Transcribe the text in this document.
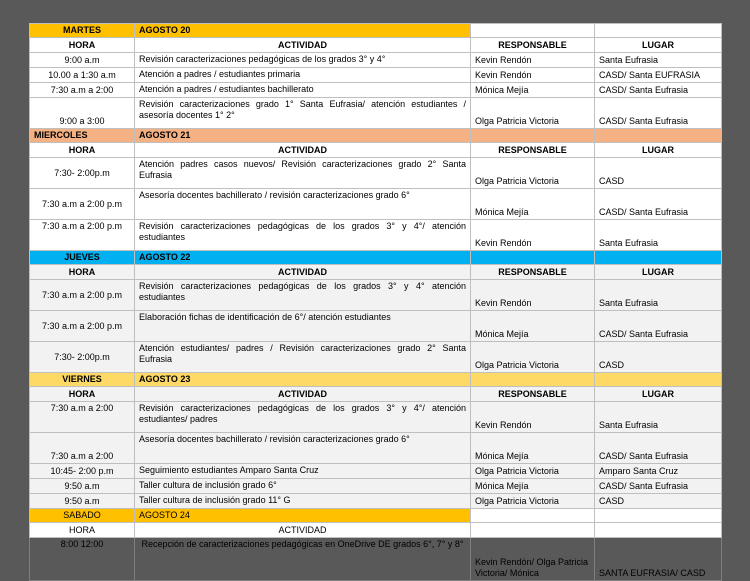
MARTES	AGOSTO 20		
HORA	ACTIVIDAD	RESPONSABLE	LUGAR
9:00 a.m	Revisión caracterizaciones pedagógicas de los grados 3° y 4°	Kevin Rendón	Santa Eufrasia
10.00 a 1:30 a.m	Atención a padres / estudiantes primaria	Kevin Rendón	CASD/ Santa EUFRASIA
7:30 a.m a 2:00	Atención a padres / estudiantes bachillerato	Mónica Mejía	CASD/ Santa Eufrasia
9:00 a 3:00	Revisión caracterizaciones grado 1° Santa Eufrasia/ atención estudiantes / asesoría docentes 1° 2°	Olga Patricia Victoria	CASD/ Santa Eufrasia
MIERCOLES	AGOSTO 21		
HORA	ACTIVIDAD	RESPONSABLE	LUGAR
7:30- 2:00p.m	Atención padres casos nuevos/ Revisión caracterizaciones grado 2° Santa Eufrasia	Olga Patricia Victoria	CASD
7:30 a.m a 2:00 p.m	Asesoría docentes bachillerato / revisión caracterizaciones grado 6°	Mónica Mejía	CASD/ Santa Eufrasia
7:30 a.m a 2:00 p.m	Revisión caracterizaciones pedagógicas de los grados 3° y 4°/ atención estudiantes	Kevin Rendón	Santa Eufrasia
JUEVES	AGOSTO 22		
HORA	ACTIVIDAD	RESPONSABLE	LUGAR
7:30 a.m a 2:00 p.m	Revisión caracterizaciones pedagógicas de los grados 3° y 4° atención estudiantes	Kevin Rendón	Santa Eufrasia
7:30 a.m a 2:00 p.m	Elaboración fichas de identificación de 6°/ atención estudiantes	Mónica Mejía	CASD/ Santa Eufrasia
7:30- 2:00p.m	Atención estudiantes/ padres / Revisión caracterizaciones grado 2° Santa Eufrasia	Olga Patricia Victoria	CASD
VIERNES	AGOSTO 23		
HORA	ACTIVIDAD	RESPONSABLE	LUGAR
7:30 a.m a 2:00	Revisión caracterizaciones pedagógicas de los grados 3° y 4°/ atención estudiantes/ padres	Kevin Rendón	Santa Eufrasia
7:30 a.m a 2:00	Asesoría docentes bachillerato / revisión caracterizaciones grado 6°	Mónica Mejía	CASD/ Santa Eufrasia
10:45- 2:00 p.m	Seguimiento estudiantes Amparo Santa Cruz	Olga Patricia Victoria	Amparo Santa Cruz
9:50 a.m	Taller cultura de inclusión grado 6°	Mónica Mejía	CASD/ Santa Eufrasia
9:50 a.m	Taller cultura de inclusión grado 11° G	Olga Patricia Victoria	CASD
SABADO	AGOSTO 24		
HORA	ACTIVIDAD		
8:00 12:00	Recepción de caracterizaciones pedagógicas en OneDrive DE grados 6°, 7° y 8°	Kevin Rendón/ Olga Patricia Victoria/ Mónica	SANTA EUFRASIA/ CASD
